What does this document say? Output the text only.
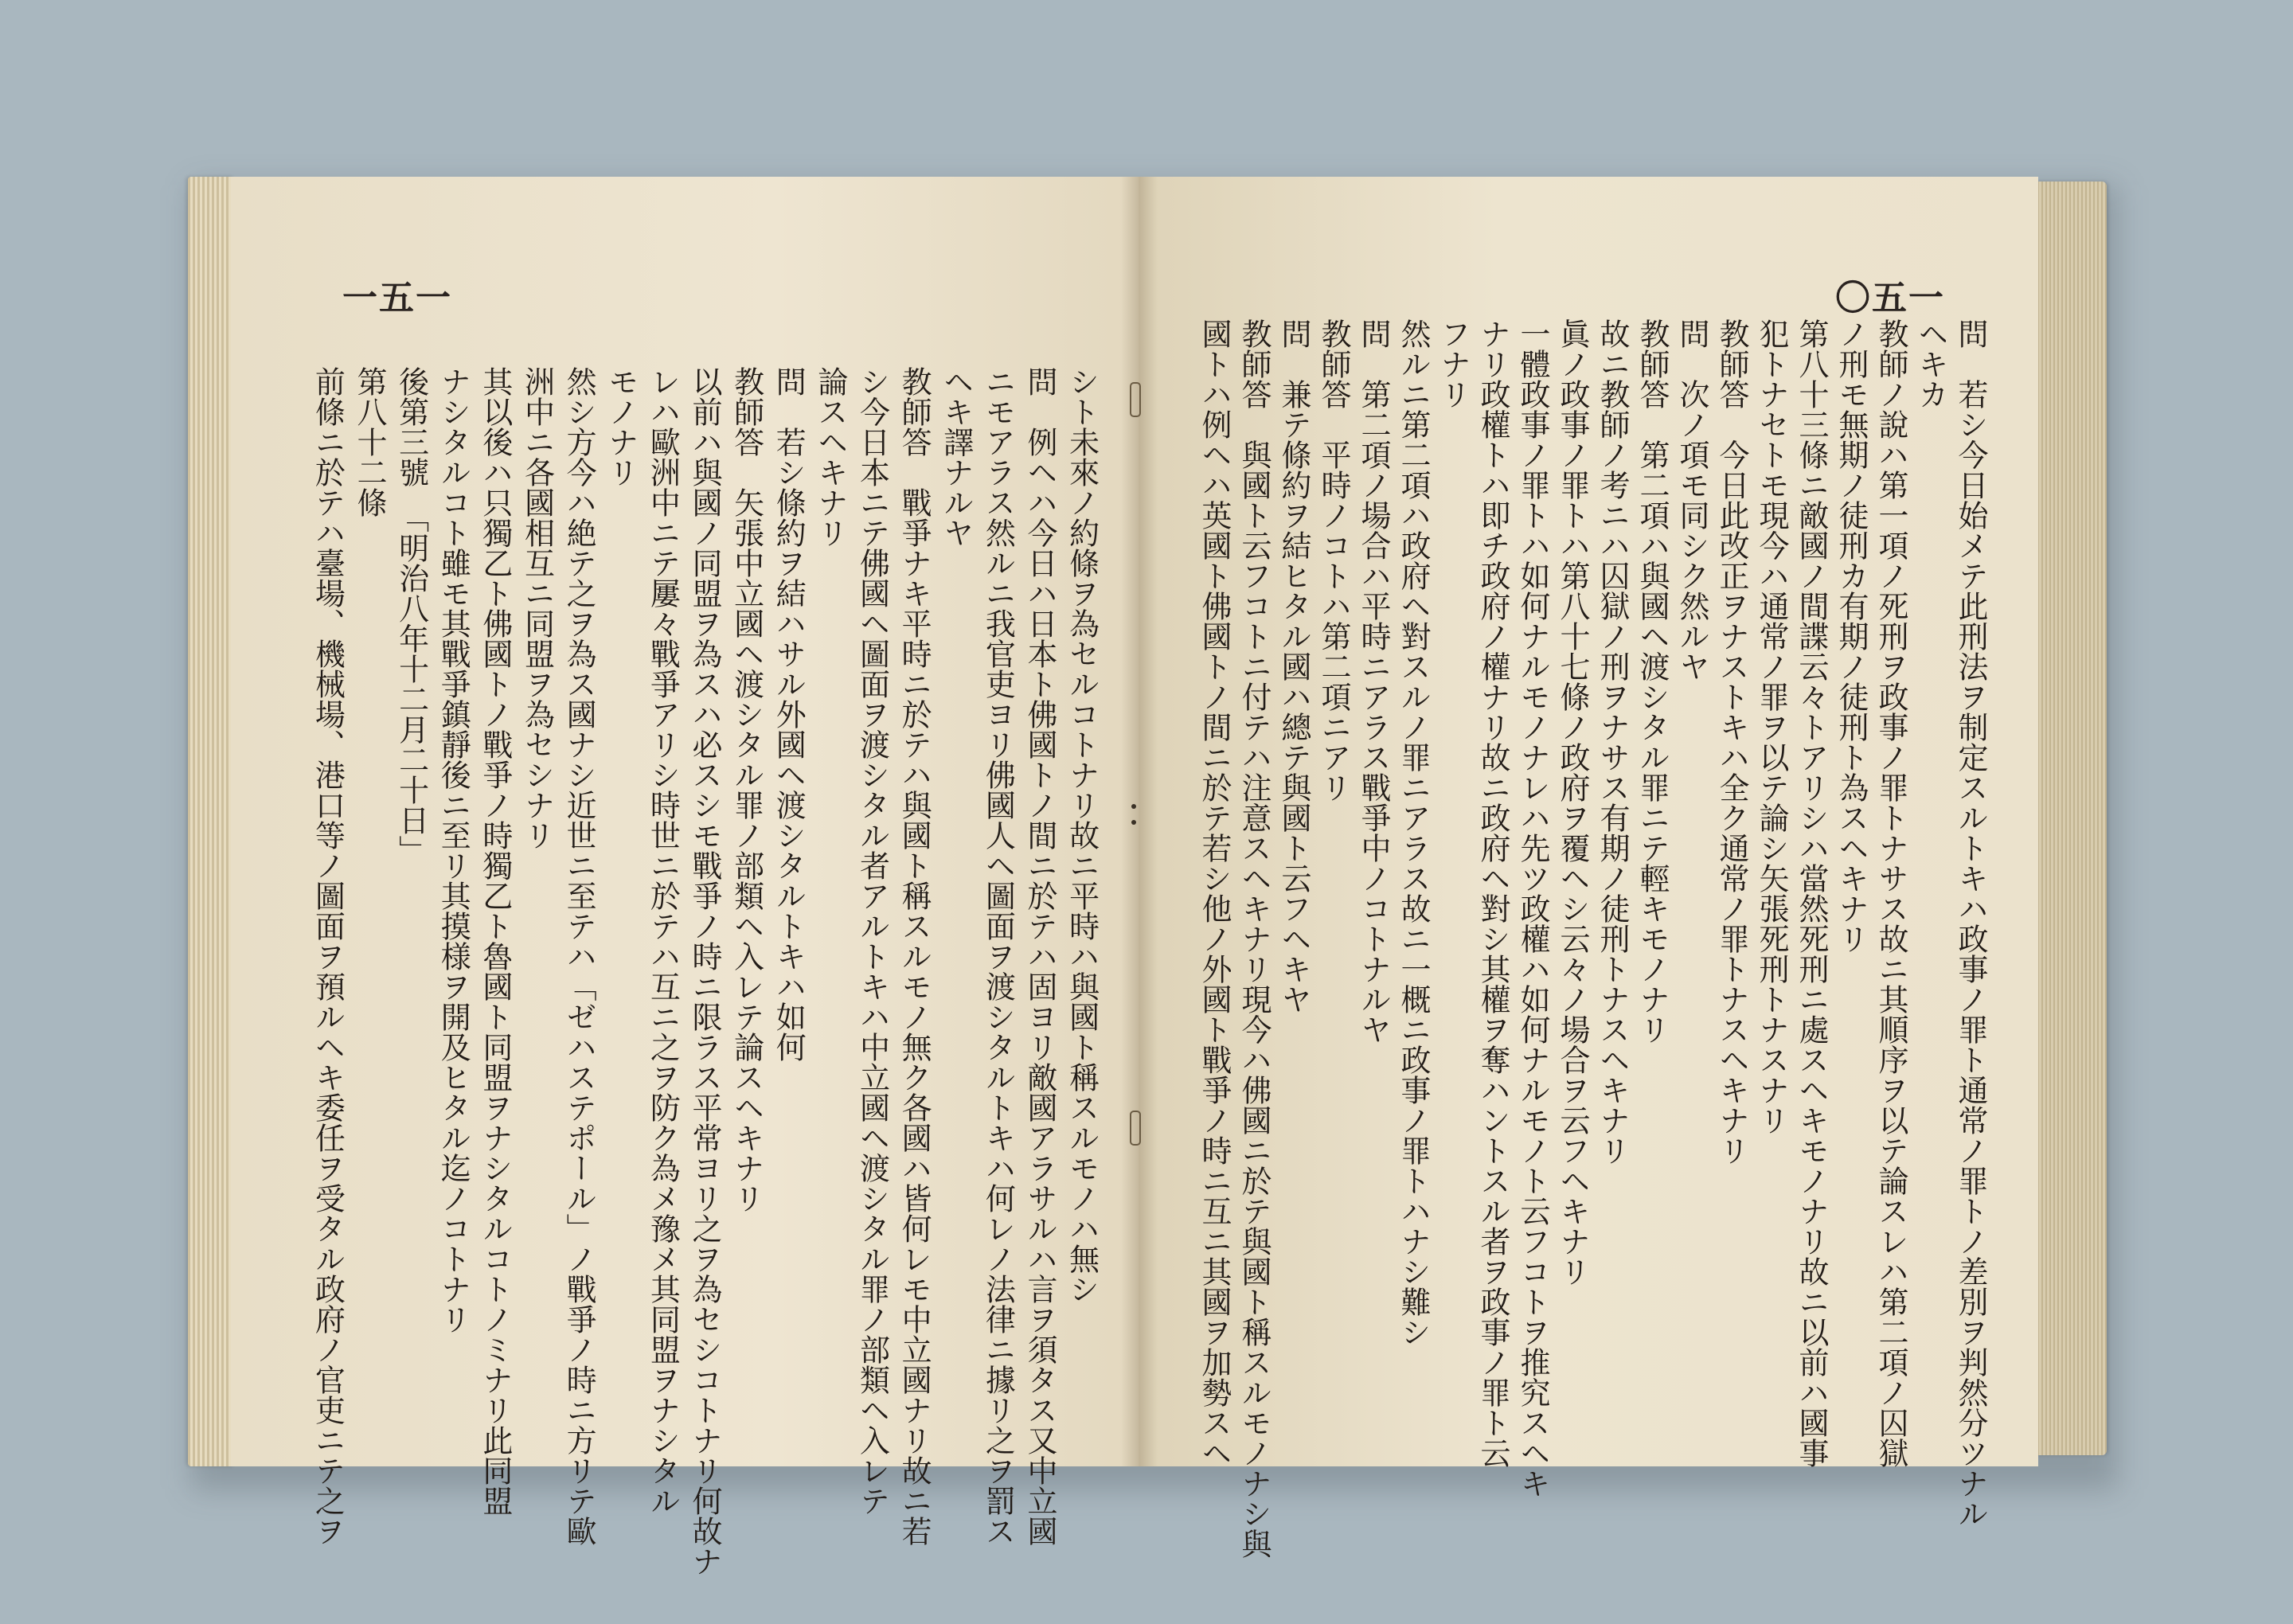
一五一	〇五一
シト未來ノ約條ヲ為セルコトナリ故ニ平時ハ與國ト稱スルモノハ無シ
問　例ヘハ今日ハ日本ト佛國トノ間ニ於テハ固ヨリ敵國アラサルハ言ヲ須タス又中立國
ニモアラス然ルニ我官吏ヨリ佛國人ヘ圖面ヲ渡シタルトキハ何レノ法律ニ據リ之ヲ罰ス
ヘキ譯ナルヤ
教師答　戰爭ナキ平時ニ於テハ與國ト稱スルモノ無ク各國ハ皆何レモ中立國ナリ故ニ若
シ今日本ニテ佛國ヘ圖面ヲ渡シタル者アルトキハ中立國ヘ渡シタル罪ノ部類ヘ入レテ
論スヘキナリ
問　若シ條約ヲ結ハサル外國ヘ渡シタルトキハ如何
教師答　矢張中立國ヘ渡シタル罪ノ部類ヘ入レテ論スヘキナリ
以前ハ與國ノ同盟ヲ為スハ必スシモ戰爭ノ時ニ限ラス平常ヨリ之ヲ為セシコトナリ何故ナ
レハ歐洲中ニテ屢々戰爭アリシ時世ニ於テハ互ニ之ヲ防ク為メ豫メ其同盟ヲナシタル
モノナリ
然シ方今ハ絶テ之ヲ為ス國ナシ近世ニ至テハ「ゼハステポール」ノ戰爭ノ時ニ方リテ歐
洲中ニ各國相互ニ同盟ヲ為セシナリ
其以後ハ只獨乙ト佛國トノ戰爭ノ時獨乙ト魯國ト同盟ヲナシタルコトノミナリ此同盟
ナシタルコト雖モ其戰爭鎮靜後ニ至リ其摸様ヲ開及ヒタル迄ノコトナリ
後第三號　「明治八年十二月二十日」
第八十二條
前條ニ於テハ臺場、機械場、港口等ノ圖面ヲ預ルヘキ委任ヲ受タル政府ノ官吏ニテ之ヲ	問　若シ今日始メテ此刑法ヲ制定スルトキハ政事ノ罪ト通常ノ罪トノ差別ヲ判然分ツナル
ヘキカ
教師ノ說ハ第一項ノ死刑ヲ政事ノ罪トナサス故ニ其順序ヲ以テ論スレハ第二項ノ囚獄
ノ刑モ無期ノ徒刑カ有期ノ徒刑ト為スヘキナリ
第八十三條ニ敵國ノ間諜云々トアリシハ當然死刑ニ處スヘキモノナリ故ニ以前ハ國事
犯トナセトモ現今ハ通常ノ罪ヲ以テ論シ矢張死刑トナスナリ
教師答　今日此改正ヲナストキハ全ク通常ノ罪トナスヘキナリ
問　次ノ項モ同シク然ルヤ
教師答　第二項ハ與國ヘ渡シタル罪ニテ輕キモノナリ
故ニ教師ノ考ニハ囚獄ノ刑ヲナサス有期ノ徒刑トナスヘキナリ
眞ノ政事ノ罪トハ第八十七條ノ政府ヲ覆ヘシ云々ノ場合ヲ云フヘキナリ
一體政事ノ罪トハ如何ナルモノナレハ先ツ政權ハ如何ナルモノト云フコトヲ推究スヘキ
ナリ政權トハ即チ政府ノ權ナリ故ニ政府ヘ對シ其權ヲ奪ハントスル者ヲ政事ノ罪ト云
フナリ
然ルニ第二項ハ政府ヘ對スルノ罪ニアラス故ニ一概ニ政事ノ罪トハナシ難シ
問　第二項ノ場合ハ平時ニアラス戰爭中ノコトナルヤ
教師答　平時ノコトハ第二項ニアリ
問　兼テ條約ヲ結ヒタル國ハ總テ與國ト云フヘキヤ
教師答　與國ト云フコトニ付テハ注意スヘキナリ現今ハ佛國ニ於テ與國ト稱スルモノナシ與
國トハ例ヘハ英國ト佛國トノ間ニ於テ若シ他ノ外國ト戰爭ノ時ニ互ニ其國ヲ加勢スヘ
